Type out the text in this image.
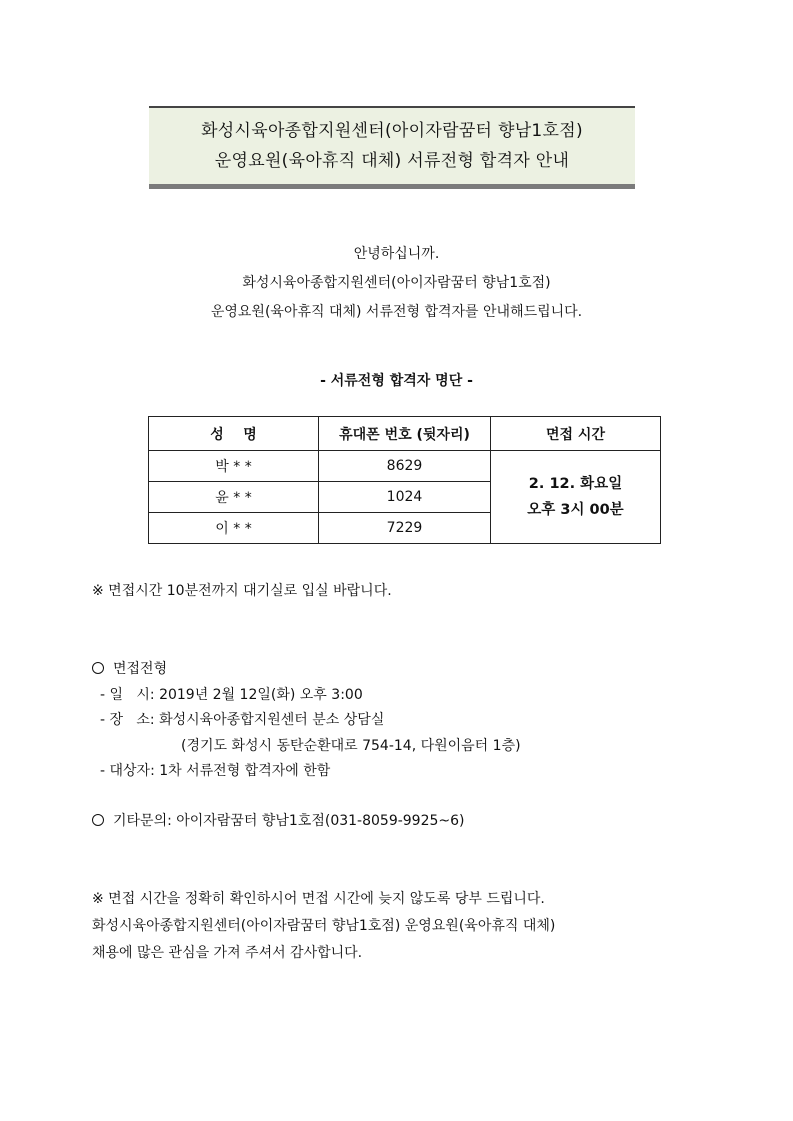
화성시육아종합지원센터(아이자람꿈터 향남1호점)
운영요원(육아휴직 대체) 서류전형 합격자 안내
안녕하십니까.
화성시육아종합지원센터(아이자람꿈터 향남1호점)
운영요원(육아휴직 대체) 서류전형 합격자를 안내해드립니다.
- 서류전형 합격자 명단 -
성    명	휴대폰 번호 (뒷자리)	면접 시간
박 * *	8629	2. 12. 화요일
오후 3시 00분

윤 * *	1024	
이 * *	7229	
※ 면접시간 10분전까지 대기실로 입실 바랍니다.
면접전형
- 일   시: 2019년 2월 12일(화) 오후 3:00
- 장   소: 화성시육아종합지원센터 분소 상담실
(경기도 화성시 동탄순환대로 754-14, 다원이음터 1층)
- 대상자: 1차 서류전형 합격자에 한함
기타문의: 아이자람꿈터 향남1호점(031-8059-9925~6)
※ 면접 시간을 정확히 확인하시어 면접 시간에 늦지 않도록 당부 드립니다.
화성시육아종합지원센터(아이자람꿈터 향남1호점) 운영요원(육아휴직 대체)
채용에 많은 관심을 가져 주셔서 감사합니다.
